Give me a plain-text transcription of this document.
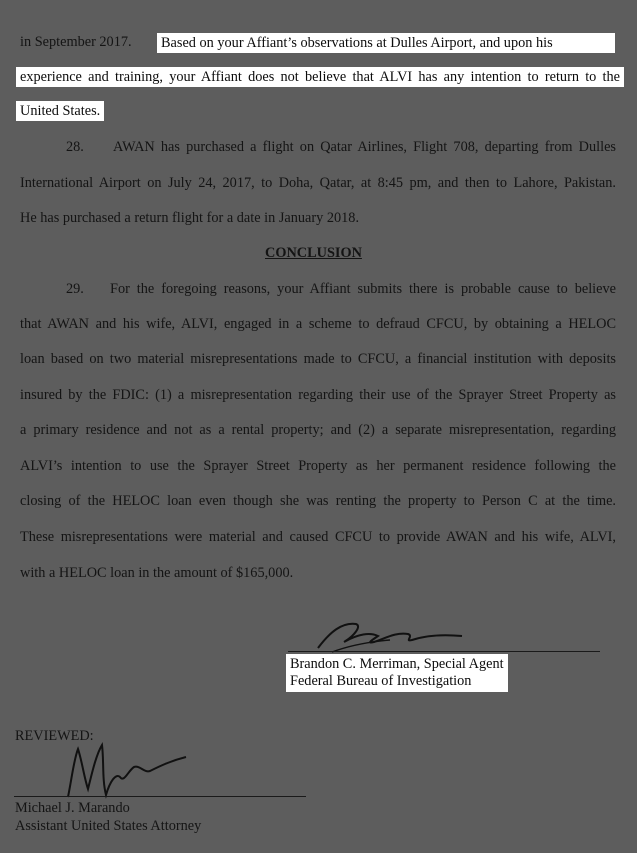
in September 2017. Based on your Affiant’s observations at Dulles Airport, and upon his
experience and training, your Affiant does not believe that ALVI has any intention to return to the
United States.
28. AWAN has purchased a flight on Qatar Airlines, Flight 708, departing from Dulles
International Airport on July 24, 2017, to Doha, Qatar, at 8:45 pm, and then to Lahore, Pakistan.
He has purchased a return flight for a date in January 2018.
CONCLUSION
29. For the foregoing reasons, your Affiant submits there is probable cause to believe
that AWAN and his wife, ALVI, engaged in a scheme to defraud CFCU, by obtaining a HELOC
loan based on two material misrepresentations made to CFCU, a financial institution with deposits
insured by the FDIC: (1) a misrepresentation regarding their use of the Sprayer Street Property as
a primary residence and not as a rental property; and (2) a separate misrepresentation, regarding
ALVI’s intention to use the Sprayer Street Property as her permanent residence following the
closing of the HELOC loan even though she was renting the property to Person C at the time.
These misrepresentations were material and caused CFCU to provide AWAN and his wife, ALVI,
with a HELOC loan in the amount of $165,000.
Brandon C. Merriman, Special Agent
Federal Bureau of Investigation
REVIEWED:
Michael J. Marando
Assistant United States Attorney
